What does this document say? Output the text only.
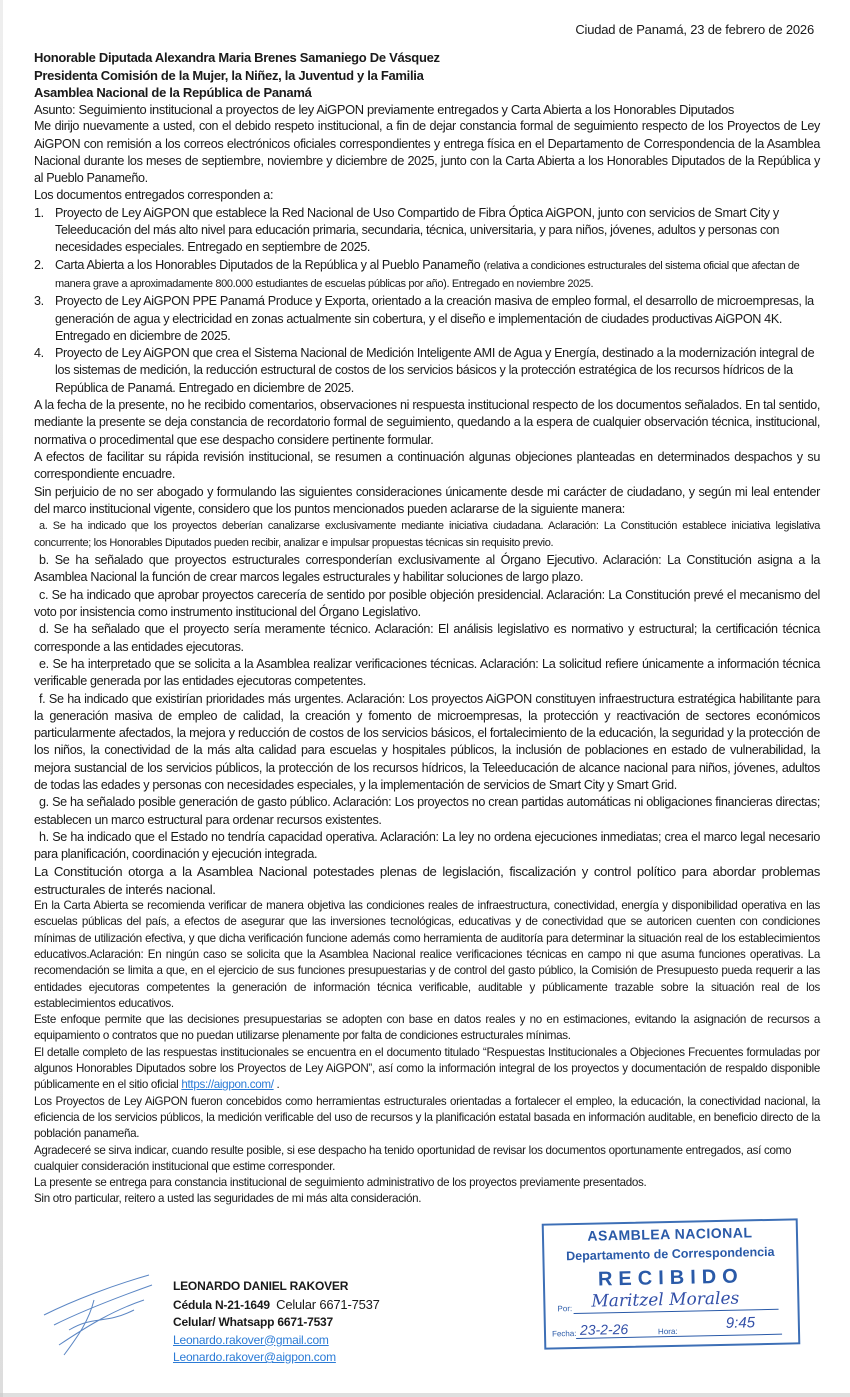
Ciudad de Panamá, 23 de febrero de 2026
Honorable Diputada Alexandra Maria Brenes Samaniego De Vásquez
Presidenta Comisión de la Mujer, la Niñez, la Juventud y la Familia
Asamblea Nacional de la República de Panamá

Asunto: Seguimiento institucional a proyectos de ley AiGPON previamente entregados y Carta Abierta a los Honorables Diputados

Me dirijo nuevamente a usted, con el debido respeto institucional, a fin de dejar constancia formal de seguimiento respecto de los Proyectos de Ley AiGPON con remisión a los correos electrónicos oficiales correspondientes y entrega física en el Departamento de Correspondencia de la Asamblea Nacional durante los meses de septiembre, noviembre y diciembre de 2025, junto con la Carta Abierta a los Honorables Diputados de la República y al Pueblo Panameño.

Los documentos entregados corresponden a:

1. Proyecto de Ley AiGPON que establece la Red Nacional de Uso Compartido de Fibra Óptica AiGPON, junto con servicios de Smart City y Teleeducación del más alto nivel para educación primaria, secundaria, técnica, universitaria, y para niños, jóvenes, adultos y personas con necesidades especiales. Entregado en septiembre de 2025.
2. Carta Abierta a los Honorables Diputados de la República y al Pueblo Panameño (relativa a condiciones estructurales del sistema oficial que afectan de manera grave a aproximadamente 800.000 estudiantes de escuelas públicas por año). Entregado en noviembre 2025.
3. Proyecto de Ley AiGPON PPE Panamá Produce y Exporta, orientado a la creación masiva de empleo formal, el desarrollo de microempresas, la generación de agua y electricidad en zonas actualmente sin cobertura, y el diseño e implementación de ciudades productivas AiGPON 4K. Entregado en diciembre de 2025.
4. Proyecto de Ley AiGPON que crea el Sistema Nacional de Medición Inteligente AMI de Agua y Energía, destinado a la modernización integral de los sistemas de medición, la reducción estructural de costos de los servicios básicos y la protección estratégica de los recursos hídricos de la República de Panamá. Entregado en diciembre de 2025.

A la fecha de la presente, no he recibido comentarios, observaciones ni respuesta institucional respecto de los documentos señalados. En tal sentido, mediante la presente se deja constancia de recordatorio formal de seguimiento, quedando a la espera de cualquier observación técnica, institucional, normativa o procedimental que ese despacho considere pertinente formular.

A efectos de facilitar su rápida revisión institucional, se resumen a continuación algunas objeciones planteadas en determinados despachos y su correspondiente encuadre.

Sin perjuicio de no ser abogado y formulando las siguientes consideraciones únicamente desde mi carácter de ciudadano, y según mi leal entender del marco institucional vigente, considero que los puntos mencionados pueden aclararse de la siguiente manera:

a. Se ha indicado que los proyectos deberían canalizarse exclusivamente mediante iniciativa ciudadana. Aclaración: La Constitución establece iniciativa legislativa concurrente; los Honorables Diputados pueden recibir, analizar e impulsar propuestas técnicas sin requisito previo.

b. Se ha señalado que proyectos estructurales corresponderían exclusivamente al Órgano Ejecutivo. Aclaración: La Constitución asigna a la Asamblea Nacional la función de crear marcos legales estructurales y habilitar soluciones de largo plazo.

c. Se ha indicado que aprobar proyectos carecería de sentido por posible objeción presidencial. Aclaración: La Constitución prevé el mecanismo del voto por insistencia como instrumento institucional del Órgano Legislativo.

d. Se ha señalado que el proyecto sería meramente técnico. Aclaración: El análisis legislativo es normativo y estructural; la certificación técnica corresponde a las entidades ejecutoras.

e. Se ha interpretado que se solicita a la Asamblea realizar verificaciones técnicas. Aclaración: La solicitud refiere únicamente a información técnica verificable generada por las entidades ejecutoras competentes.

f. Se ha indicado que existirían prioridades más urgentes. Aclaración: Los proyectos AiGPON constituyen infraestructura estratégica habilitante para la generación masiva de empleo de calidad, la creación y fomento de microempresas, la protección y reactivación de sectores económicos particularmente afectados, la mejora y reducción de costos de los servicios básicos, el fortalecimiento de la educación, la seguridad y la protección de los niños, la conectividad de la más alta calidad para escuelas y hospitales públicos, la inclusión de poblaciones en estado de vulnerabilidad, la mejora sustancial de los servicios públicos, la protección de los recursos hídricos, la Teleeducación de alcance nacional para niños, jóvenes, adultos de todas las edades y personas con necesidades especiales, y la implementación de servicios de Smart City y Smart Grid.

g. Se ha señalado posible generación de gasto público. Aclaración: Los proyectos no crean partidas automáticas ni obligaciones financieras directas; establecen un marco estructural para ordenar recursos existentes.

h. Se ha indicado que el Estado no tendría capacidad operativa. Aclaración: La ley no ordena ejecuciones inmediatas; crea el marco legal necesario para planificación, coordinación y ejecución integrada.

La Constitución otorga a la Asamblea Nacional potestades plenas de legislación, fiscalización y control político para abordar problemas estructurales de interés nacional.

En la Carta Abierta se recomienda verificar de manera objetiva las condiciones reales de infraestructura, conectividad, energía y disponibilidad operativa en las escuelas públicas del país, a efectos de asegurar que las inversiones tecnológicas, educativas y de conectividad que se autoricen cuenten con condiciones mínimas de utilización efectiva, y que dicha verificación funcione además como herramienta de auditoría para determinar la situación real de los establecimientos educativos.Aclaración: En ningún caso se solicita que la Asamblea Nacional realice verificaciones técnicas en campo ni que asuma funciones operativas. La recomendación se limita a que, en el ejercicio de sus funciones presupuestarias y de control del gasto público, la Comisión de Presupuesto pueda requerir a las entidades ejecutoras competentes la generación de información técnica verificable, auditable y públicamente trazable sobre la situación real de los establecimientos educativos.

Este enfoque permite que las decisiones presupuestarias se adopten con base en datos reales y no en estimaciones, evitando la asignación de recursos a equipamiento o contratos que no puedan utilizarse plenamente por falta de condiciones estructurales mínimas.

El detalle completo de las respuestas institucionales se encuentra en el documento titulado “Respuestas Institucionales a Objeciones Frecuentes formuladas por algunos Honorables Diputados sobre los Proyectos de Ley AiGPON”, así como la información integral de los proyectos y documentación de respaldo disponible públicamente en el sitio oficial https://aigpon.com/ .

Los Proyectos de Ley AiGPON fueron concebidos como herramientas estructurales orientadas a fortalecer el empleo, la educación, la conectividad nacional, la eficiencia de los servicios públicos, la medición verificable del uso de recursos y la planificación estatal basada en información auditable, en beneficio directo de la población panameña.

Agradeceré se sirva indicar, cuando resulte posible, si ese despacho ha tenido oportunidad de revisar los documentos oportunamente entregados, así como cualquier consideración institucional que estime corresponder.

La presente se entrega para constancia institucional de seguimiento administrativo de los proyectos previamente presentados.

Sin otro particular, reitero a usted las seguridades de mi más alta consideración.

LEONARDO DANIEL RAKOVER
Cédula N-21-1649 Celular 6671-7537
Celular/ Whatsapp 6671-7537
Leonardo.rakover@gmail.com
Leonardo.rakover@aigpon.com
ASAMBLEA NACIONAL
Departamento de Correspondencia
RECIBIDO
Por: Maritzel Morales
Fecha: 23-2-26	Hora:	9:45
